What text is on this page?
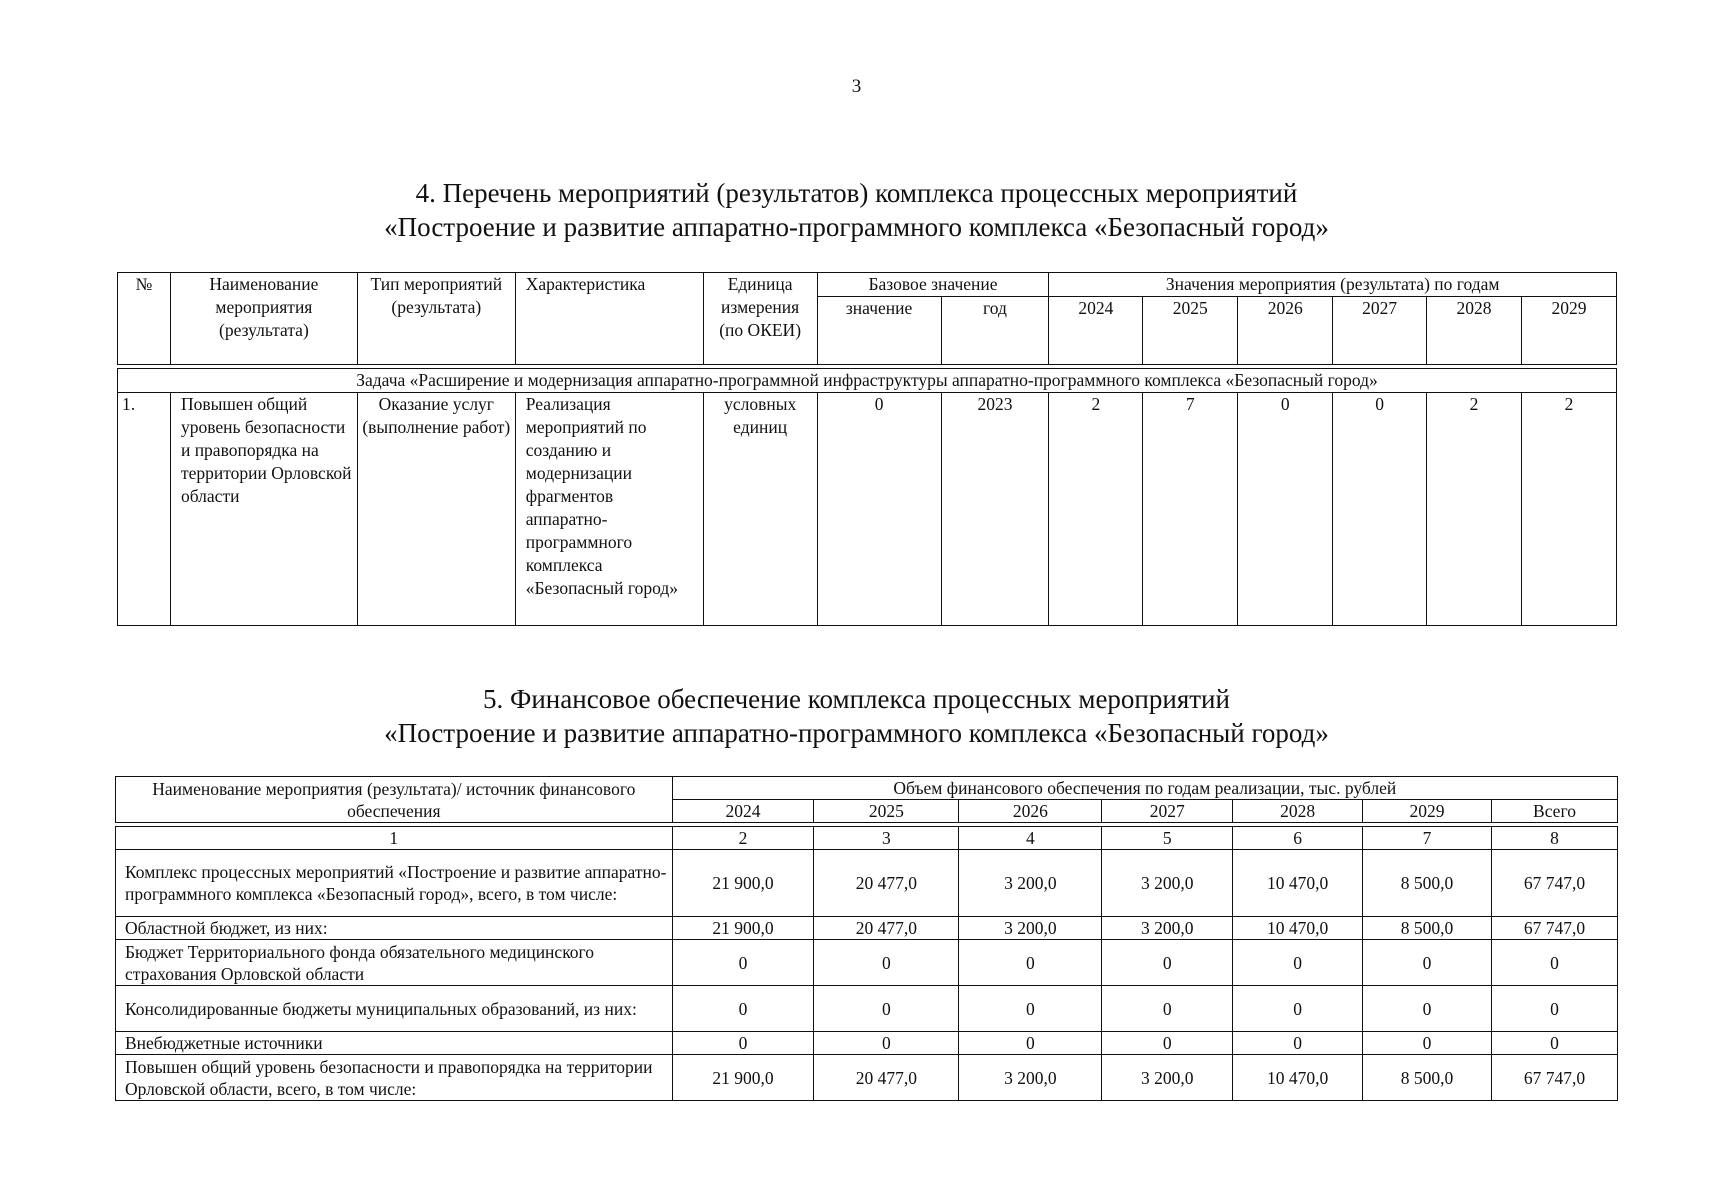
3
4. Перечень мероприятий (результатов) комплекса процессных мероприятий
«Построение и развитие аппаратно-программного комплекса «Безопасный город»
№	Наименование мероприятия (результата)	Тип мероприятий (результата)	Характеристика	Единица измерения (по ОКЕИ)	Базовое значение		Значения мероприятия (результата) по годам					
					значение	год	2024	2025	2026	2027	2028	2029

Задача «Расширение и модернизация аппаратно-программной инфраструктуры аппаратно-программного комплекса «Безопасный город»												
1.	Повышен общий уровень безопасности и правопорядка на территории Орловской области	Оказание услуг (выполнение работ)	Реализация мероприятий по созданию и модернизации фрагментов аппаратно-программного комплекса «Безопасный город»	условных единиц	0	2023	2	7	0	0	2	2
5. Финансовое обеспечение комплекса процессных мероприятий
«Построение и развитие аппаратно-программного комплекса «Безопасный город»
Наименование мероприятия (результата)/ источник финансового обеспечения	Объем финансового обеспечения по годам реализации, тыс. рублей						
	2024	2025	2026	2027	2028	2029	Всего

1	2	3	4	5	6	7	8
Комплекс процессных мероприятий «Построение и развитие аппаратно-программного комплекса «Безопасный город», всего, в том числе:	21 900,0	20 477,0	3 200,0	3 200,0	10 470,0	8 500,0	67 747,0
Областной бюджет, из них:	21 900,0	20 477,0	3 200,0	3 200,0	10 470,0	8 500,0	67 747,0
Бюджет Территориального фонда обязательного медицинского страхования Орловской области	0	0	0	0	0	0	0
Консолидированные бюджеты муниципальных образований, из них:	0	0	0	0	0	0	0
Внебюджетные источники	0	0	0	0	0	0	0
Повышен общий уровень безопасности и правопорядка на территории Орловской области, всего, в том числе:	21 900,0	20 477,0	3 200,0	3 200,0	10 470,0	8 500,0	67 747,0
